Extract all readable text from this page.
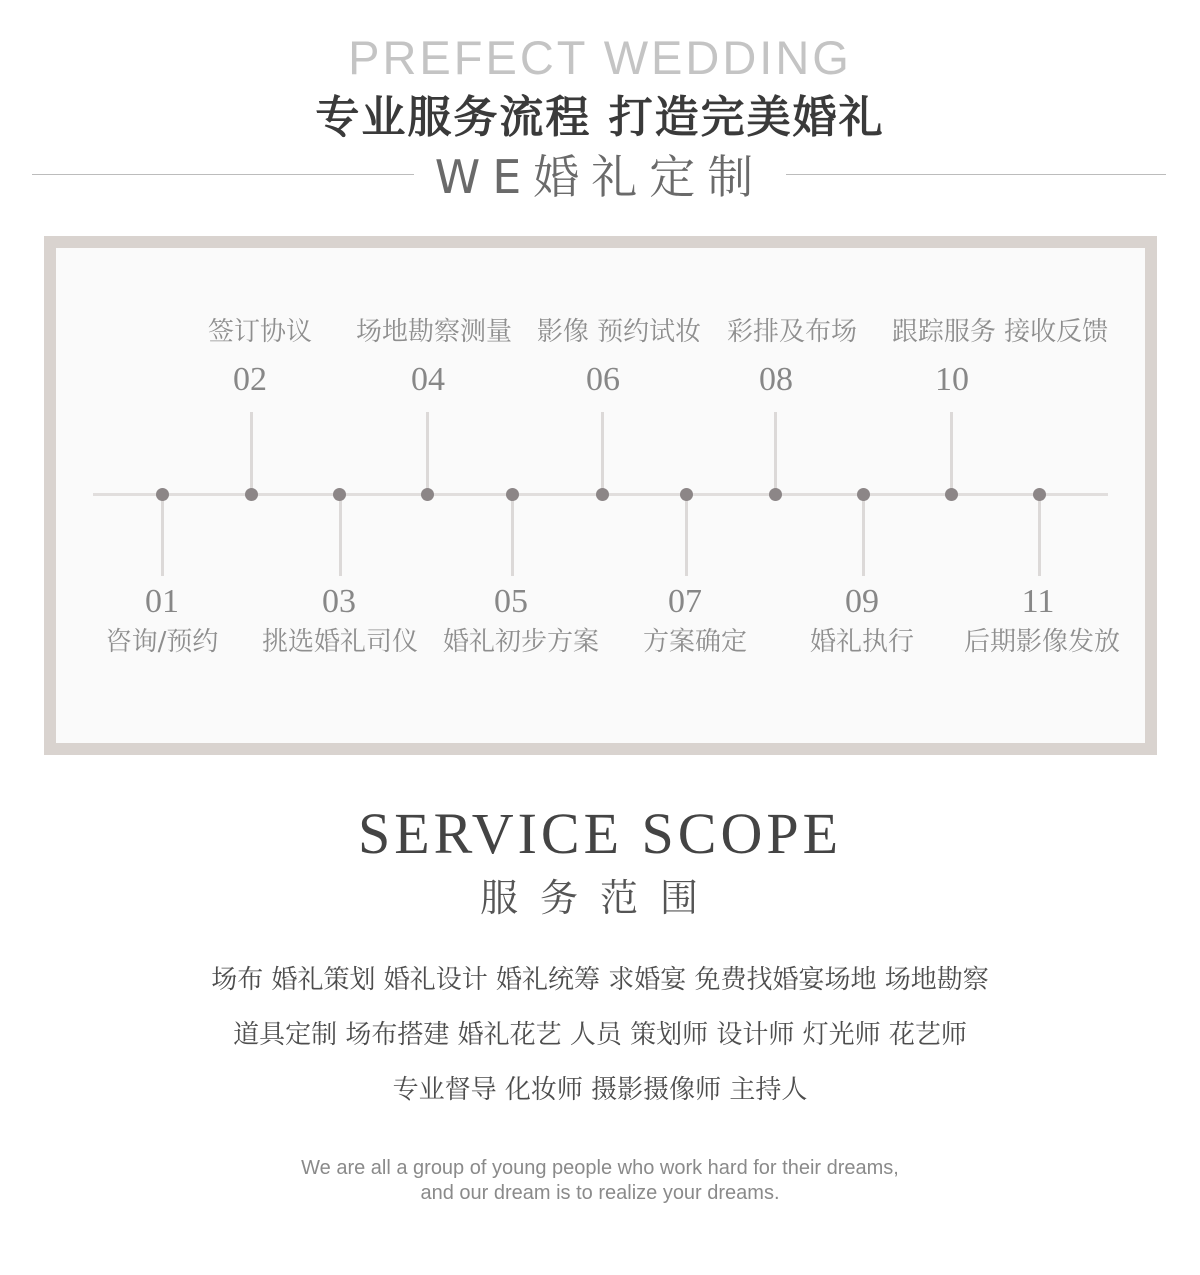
PREFECT WEDDING
专业服务流程 打造完美婚礼
WE婚礼定制
01
咨询/预约
02
签订协议
03
挑选婚礼司仪
04
场地勘察测量
05
婚礼初步方案
06
影像 预约试妆
07
方案确定
08
彩排及布场
09
婚礼执行
10
跟踪服务 接收反馈
11
后期影像发放
SERVICE SCOPE
服务范围
场布 婚礼策划 婚礼设计 婚礼统筹 求婚宴 免费找婚宴场地 场地勘察
道具定制 场布搭建 婚礼花艺 人员 策划师 设计师 灯光师 花艺师
专业督导 化妆师 摄影摄像师 主持人
We are all a group of young people who work hard for their dreams,
and our dream is to realize your dreams.
